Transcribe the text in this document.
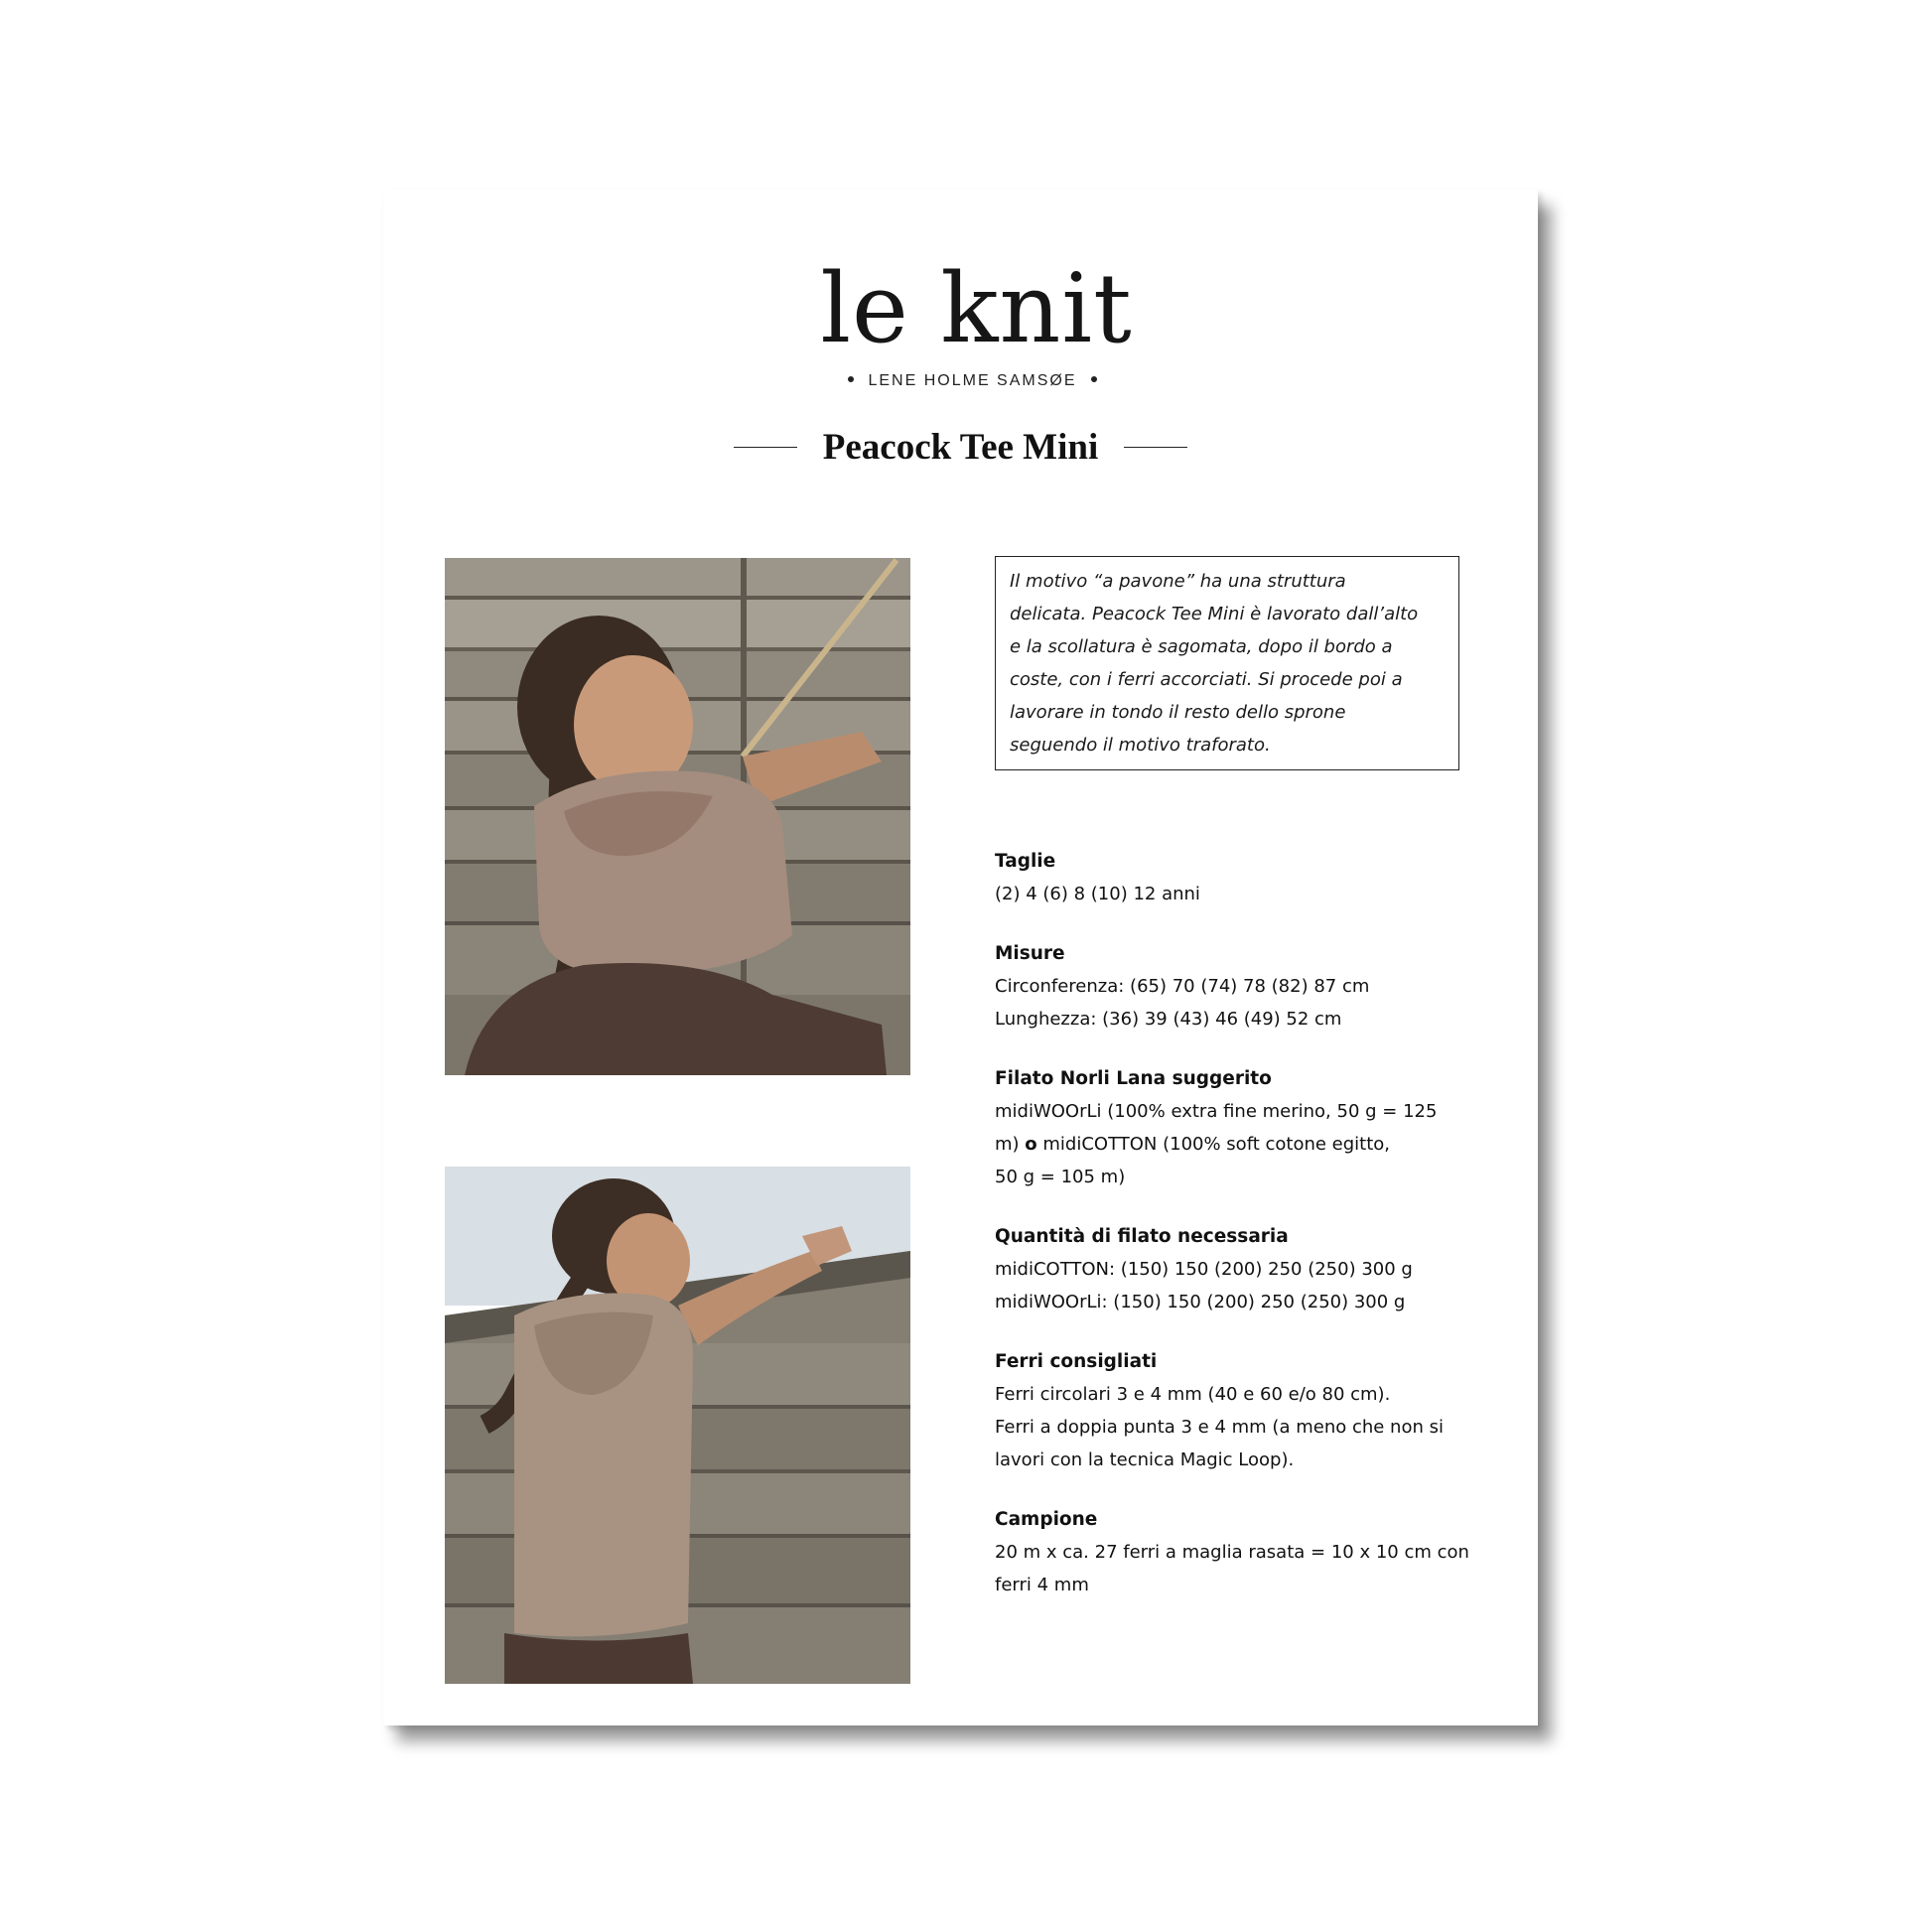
le knit
LENE HOLME SAMSØE
Peacock Tee Mini
Il motivo “a pavone” ha una struttura
delicata. Peacock Tee Mini è lavorato dall’alto
e la scollatura è sagomata, dopo il bordo a
coste, con i ferri accorciati. Si procede poi a
lavorare in tondo il resto dello sprone
seguendo il motivo traforato.
Taglie
(2) 4 (6) 8 (10) 12 anni
Misure
Circonferenza: (65) 70 (74) 78 (82) 87 cm
Lunghezza: (36) 39 (43) 46 (49) 52 cm
Filato Norli Lana suggerito
midiWOOrLi (100% extra fine merino, 50 g = 125
m) o midiCOTTON (100% soft cotone egitto,
50 g = 105 m)
Quantità di filato necessaria
midiCOTTON: (150) 150 (200) 250 (250) 300 g
midiWOOrLi: (150) 150 (200) 250 (250) 300 g
Ferri consigliati
Ferri circolari 3 e 4 mm (40 e 60 e/o 80 cm).
Ferri a doppia punta 3 e 4 mm (a meno che non si
lavori con la tecnica Magic Loop).
Campione
20 m x ca. 27 ferri a maglia rasata = 10 x 10 cm con
ferri 4 mm
